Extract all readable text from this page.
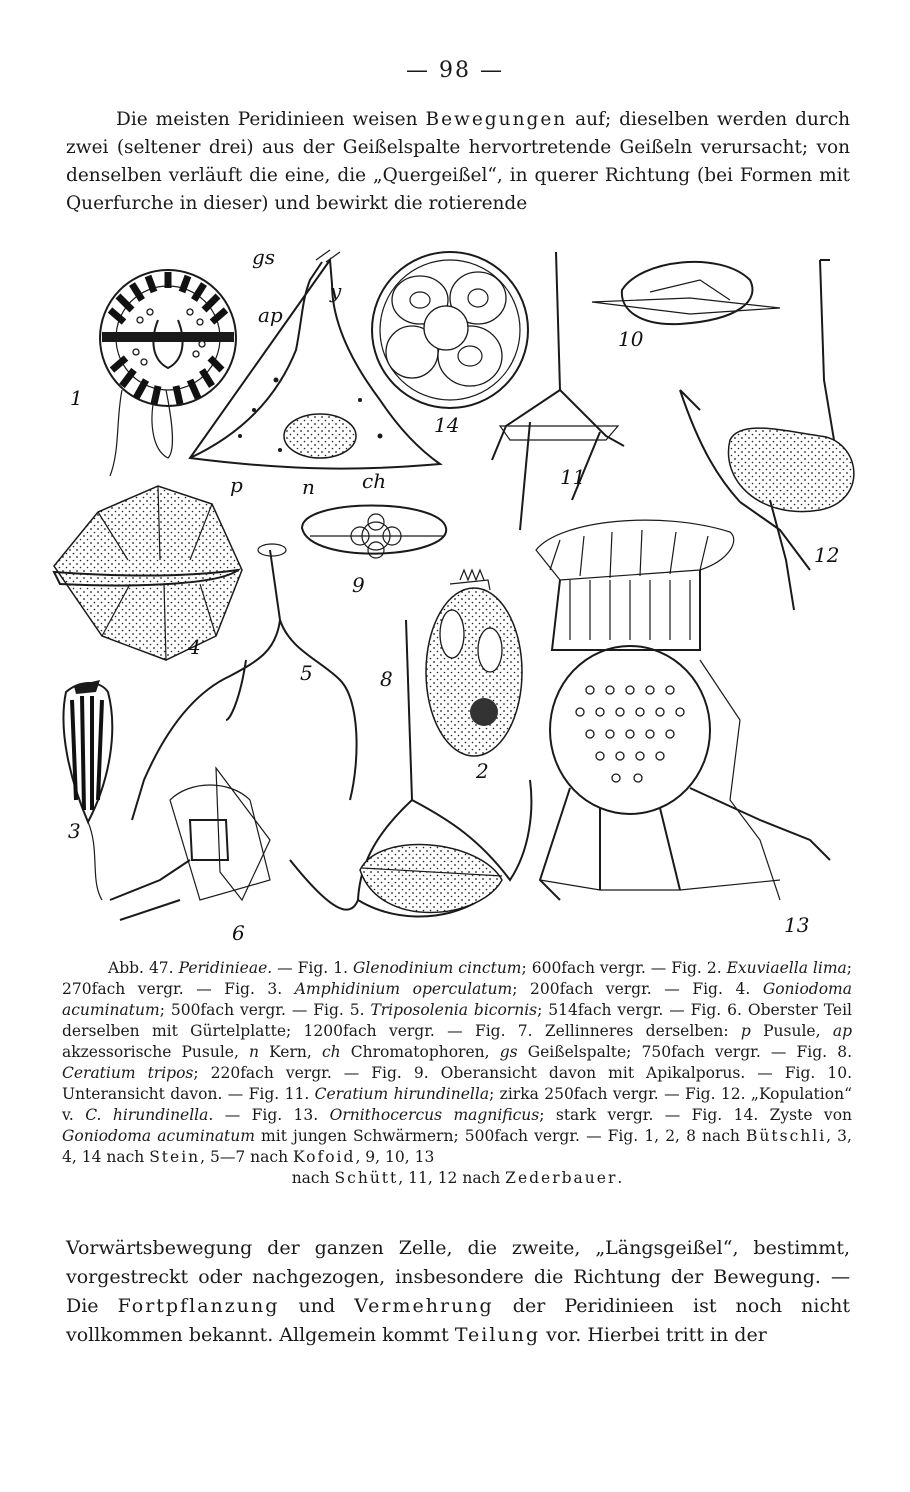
— 98 —
Die meisten Peridinieen weisen Bewegungen auf; dieselben werden durch zwei (seltener drei) aus der Geißelspalte hervortretende Geißeln verursacht; von denselben verläuft die eine, die „Quergeißel“, in querer Richtung (bei Formen mit Querfurche in dieser) und bewirkt die rotierende
1
gs
y
ap
p	n ch
14
11
10
12
4
9
3
5	8
2
6	13
Abb. 47. Peridinieae. — Fig. 1. Glenodinium cinctum; 600fach vergr. — Fig. 2. Exuviaella lima; 270fach vergr. — Fig. 3. Amphidinium operculatum; 200fach vergr. — Fig. 4. Goniodoma acuminatum; 500fach vergr. — Fig. 5. Triposolenia bicornis; 514fach vergr. — Fig. 6. Oberster Teil derselben mit Gürtelplatte; 1200fach vergr. — Fig. 7. Zellinneres derselben: p Pusule, ap akzessorische Pusule, n Kern, ch Chromatophoren, gs Geißelspalte; 750fach vergr. — Fig. 8. Ceratium tripos; 220fach vergr. — Fig. 9. Oberansicht davon mit Apikalporus. — Fig. 10. Unteransicht davon. — Fig. 11. Ceratium hirundinella; zirka 250fach vergr. — Fig. 12. „Kopulation“ v. C. hirundinella. — Fig. 13. Ornithocercus magnificus; stark vergr. — Fig. 14. Zyste von Goniodoma acuminatum mit jungen Schwärmern; 500fach vergr. — Fig. 1, 2, 8 nach Bütschli, 3, 4, 14 nach Stein, 5—7 nach Kofoid, 9, 10, 13
nach Schütt, 11, 12 nach Zederbauer.
Vorwärtsbewegung der ganzen Zelle, die zweite, „Längsgeißel“, bestimmt, vorgestreckt oder nachgezogen, insbesondere die Richtung der Bewegung. — Die Fortpflanzung und Vermehrung der Peridinieen ist noch nicht vollkommen bekannt. Allgemein kommt Teilung vor. Hierbei tritt in der
